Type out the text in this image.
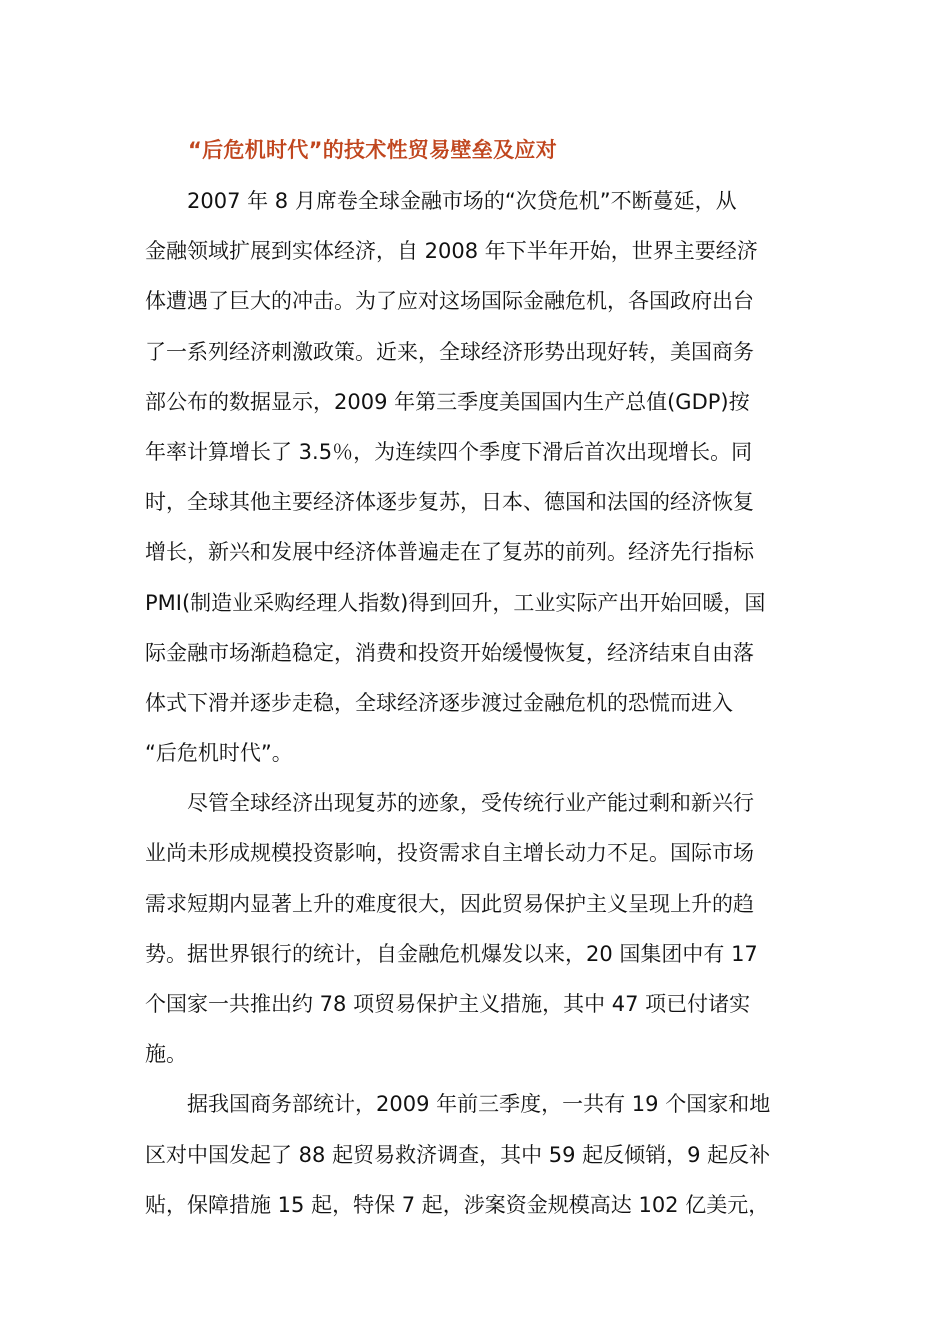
“后危机时代”的技术性贸易壁垒及应对
2007 年 8 月席卷全球金融市场的“次贷危机”不断蔓延，从
金融领域扩展到实体经济，自 2008 年下半年开始，世界主要经济
体遭遇了巨大的冲击。为了应对这场国际金融危机，各国政府出台
了一系列经济刺激政策。近来，全球经济形势出现好转，美国商务
部公布的数据显示，2009 年第三季度美国国内生产总值(GDP)按
年率计算增长了 3.5％，为连续四个季度下滑后首次出现增长。同
时，全球其他主要经济体逐步复苏，日本、德国和法国的经济恢复
增长，新兴和发展中经济体普遍走在了复苏的前列。经济先行指标
PMI(制造业采购经理人指数)得到回升，工业实际产出开始回暖，国
际金融市场渐趋稳定，消费和投资开始缓慢恢复，经济结束自由落
体式下滑并逐步走稳，全球经济逐步渡过金融危机的恐慌而进入
“后危机时代”。
尽管全球经济出现复苏的迹象，受传统行业产能过剩和新兴行
业尚未形成规模投资影响，投资需求自主增长动力不足。国际市场
需求短期内显著上升的难度很大，因此贸易保护主义呈现上升的趋
势。据世界银行的统计，自金融危机爆发以来，20 国集团中有 17
个国家一共推出约 78 项贸易保护主义措施，其中 47 项已付诸实
施。
据我国商务部统计，2009 年前三季度，一共有 19 个国家和地
区对中国发起了 88 起贸易救济调查，其中 59 起反倾销，9 起反补
贴，保障措施 15 起，特保 7 起，涉案资金规模高达 102 亿美元，
